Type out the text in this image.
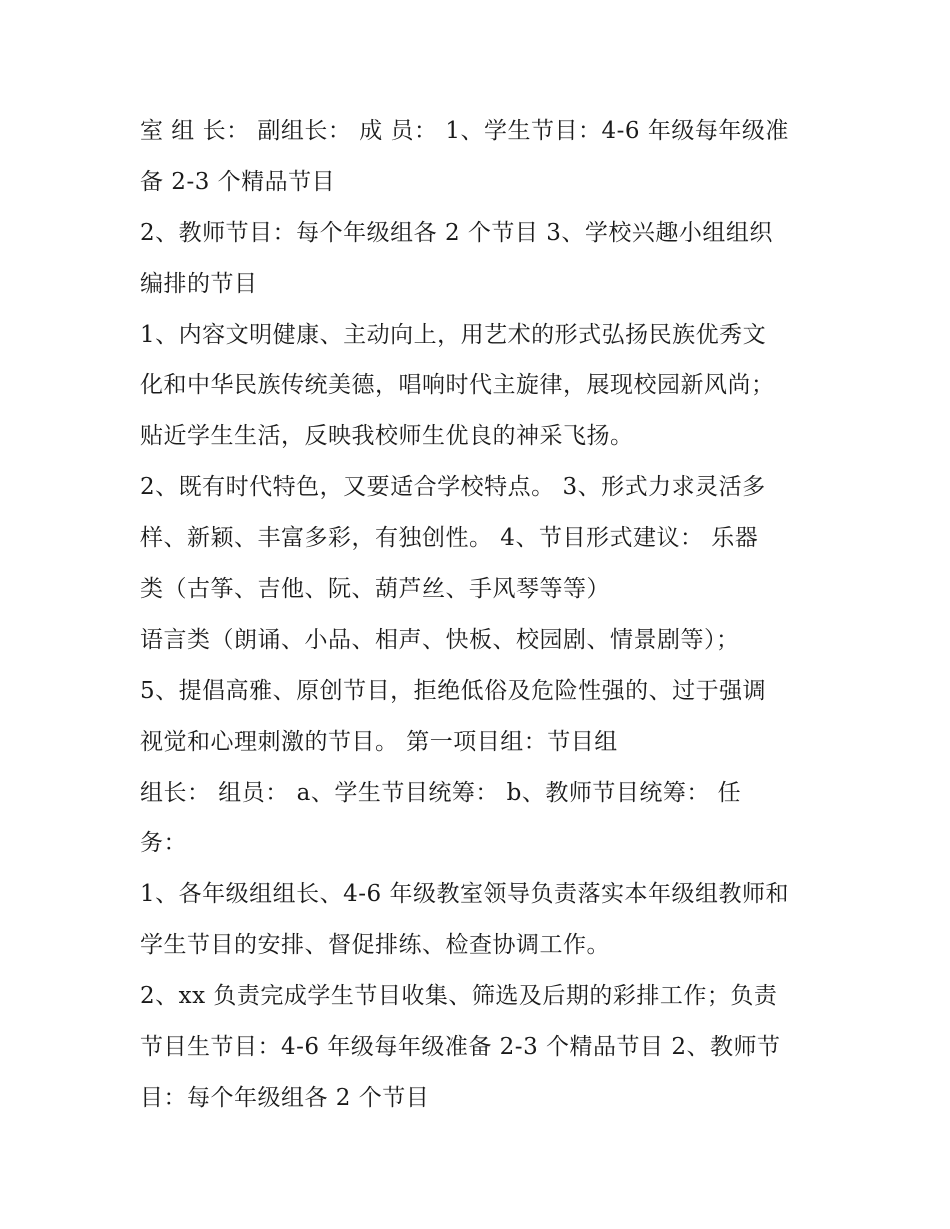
室 组 长： 副组长： 成 员： 1、学生节目：4-6 年级每年级准
备 2-3 个精品节目
2、教师节目：每个年级组各 2 个节目 3、学校兴趣小组组织
编排的节目
1、内容文明健康、主动向上，用艺术的形式弘扬民族优秀文
化和中华民族传统美德，唱响时代主旋律，展现校园新风尚；
贴近学生生活，反映我校师生优良的神采飞扬。
2、既有时代特色，又要适合学校特点。 3、形式力求灵活多
样、新颖、丰富多彩，有独创性。 4、节目形式建议： 乐器
类（古筝、吉他、阮、葫芦丝、手风琴等等）
语言类（朗诵、小品、相声、快板、校园剧、情景剧等）；
5、提倡高雅、原创节目，拒绝低俗及危险性强的、过于强调
视觉和心理刺激的节目。 第一项目组：节目组
组长： 组员： a、学生节目统筹： b、教师节目统筹： 任
务：
1、各年级组组长、4-6 年级教室领导负责落实本年级组教师和
学生节目的安排、督促排练、检查协调工作。
2、xx 负责完成学生节目收集、筛选及后期的彩排工作；负责
节目生节目：4-6 年级每年级准备 2-3 个精品节目 2、教师节
目：每个年级组各 2 个节目
